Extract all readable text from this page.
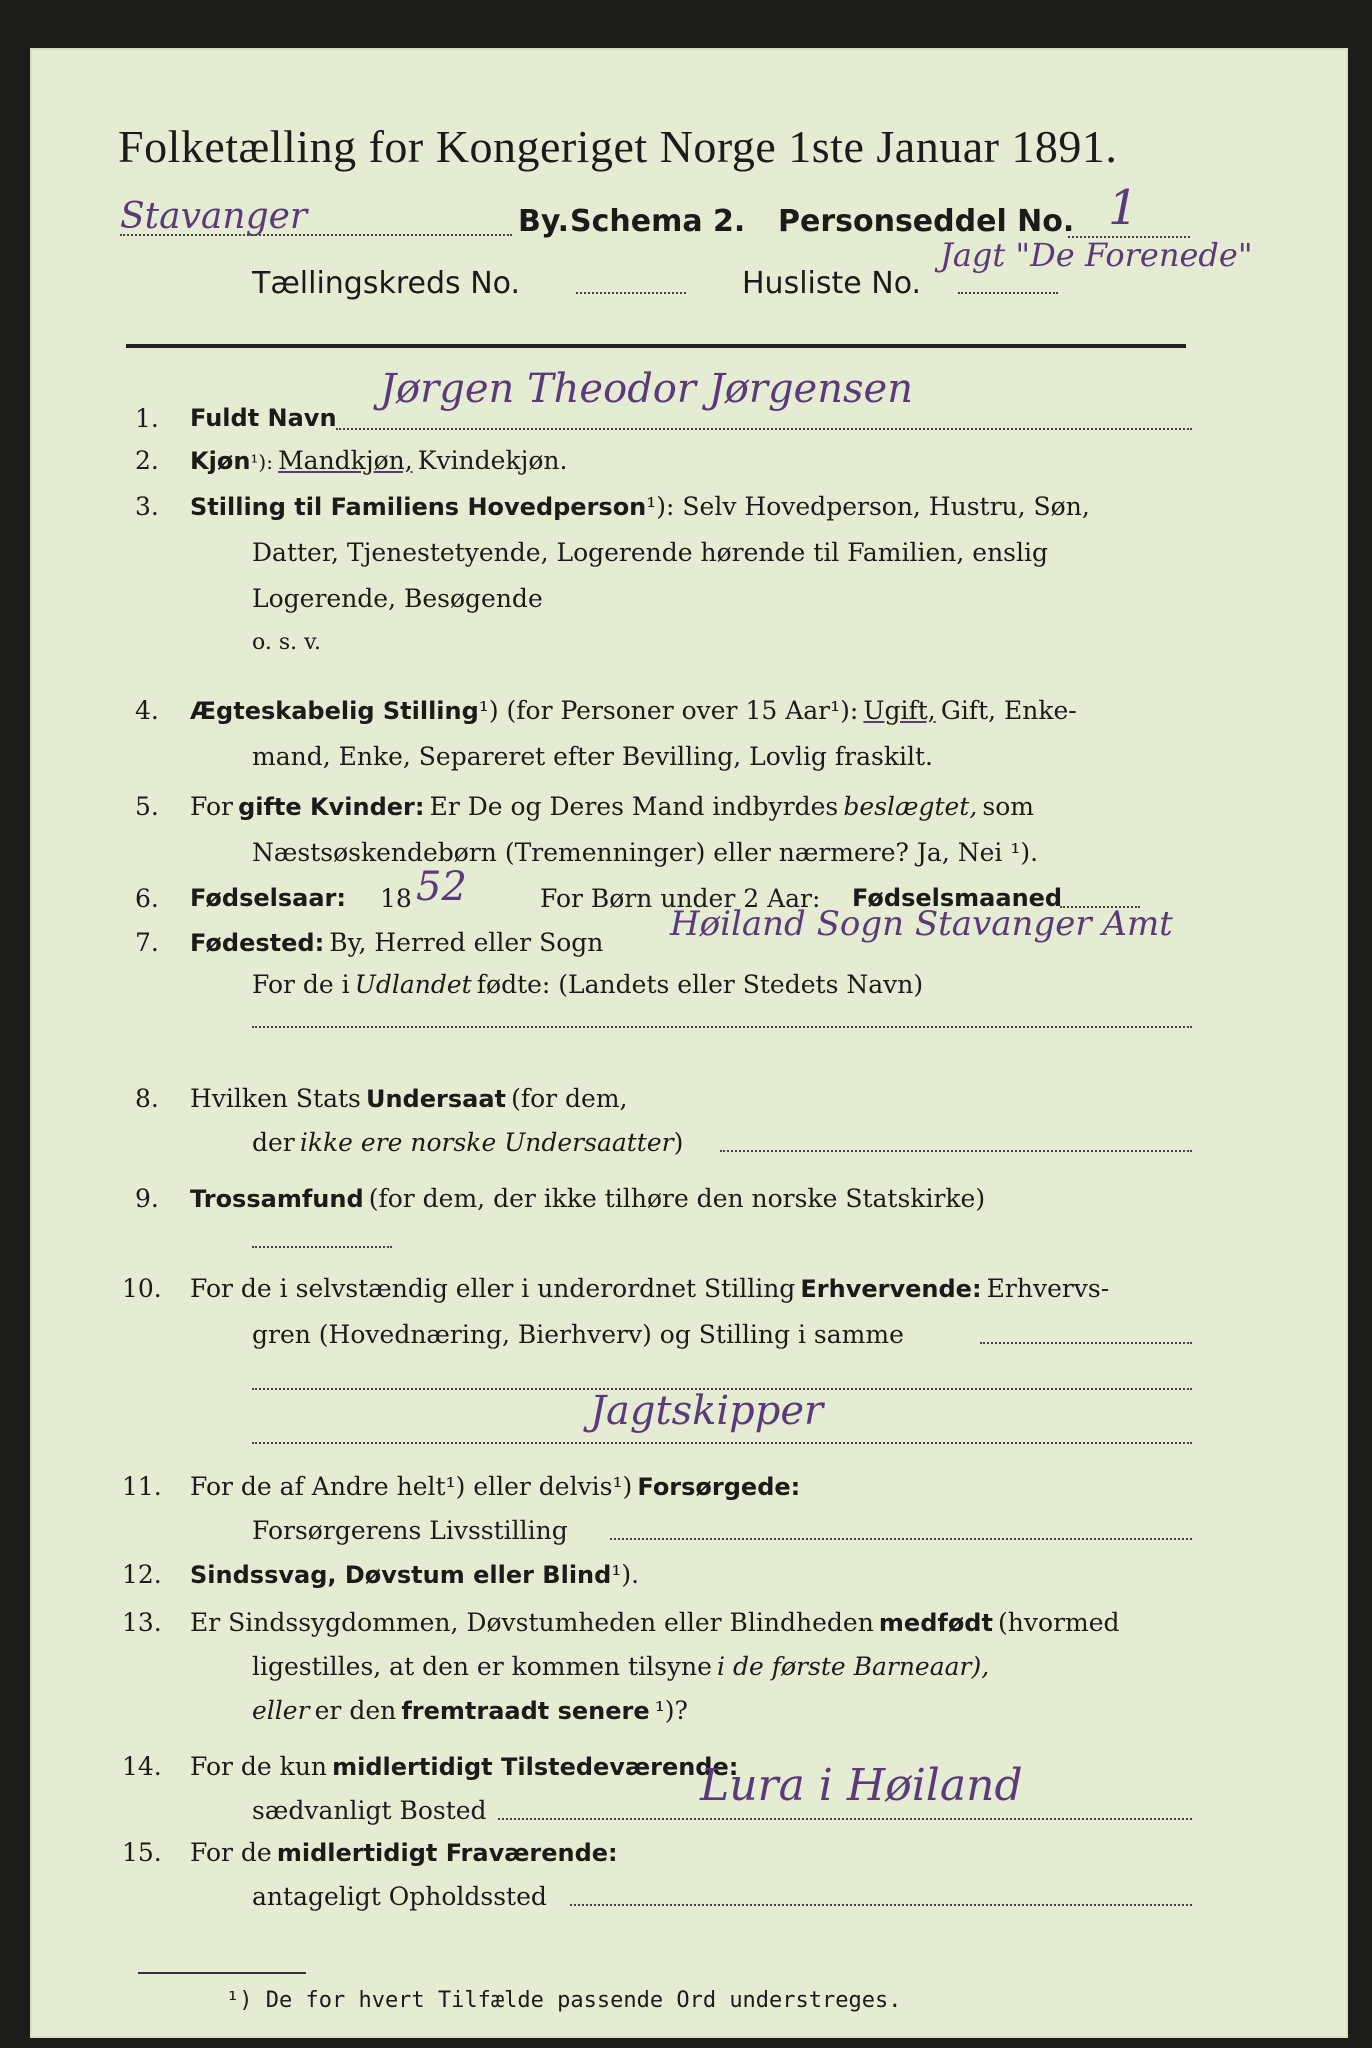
Folketælling for Kongeriget Norge 1ste Januar 1891.
Stavanger	By. Schema 2. Personseddel No. 1
Tællingskreds No.	Husliste No.
Jagt "De Forenede"
1. Fuldt Navn
Jørgen Theodor Jørgensen
2. Kjøn¹): Mandkjøn, Kvindekjøn.
3. Stilling til Familiens Hovedperson¹): Selv Hovedperson, Hustru, Søn,
Datter, Tjenestetyende, Logerende hørende til Familien, enslig
Logerende, Besøgende
o. s. v.
4. Ægteskabelig Stilling¹) (for Personer over 15 Aar¹): Ugift, Gift, Enke-
mand, Enke, Separeret efter Bevilling, Lovlig fraskilt.
5. For gifte Kvinder: Er De og Deres Mand indbyrdes beslægtet, som
Næstsøskendebørn (Tremenninger) eller nærmere? Ja, Nei ¹).
6. Fødselsaar: 18 52	For Børn under 2 Aar: Fødselsmaaned
7. Fødested: By, Herred eller Sogn Høiland Sogn Stavanger Amt
For de i Udlandet fødte: (Landets eller Stedets Navn)
8. Hvilken Stats Undersaat (for dem,
der ikke ere norske Undersaatter)
9. Trossamfund (for dem, der ikke tilhøre den norske Statskirke)
10. For de i selvstændig eller i underordnet Stilling Erhvervende: Erhvervs-
gren (Hovednæring, Bierhverv) og Stilling i samme
Jagtskipper
11. For de af Andre helt¹) eller delvis¹) Forsørgede:
Forsørgerens Livsstilling
12. Sindssvag, Døvstum eller Blind¹).
13. Er Sindssygdommen, Døvstumheden eller Blindheden medfødt (hvormed
ligestilles, at den er kommen tilsyne i de første Barneaar),
eller er den fremtraadt senere ¹)?
14. For de kun midlertidigt Tilstedeværende:
sædvanligt Bosted	Lura i Høiland
15. For de midlertidigt Fraværende:
antageligt Opholdssted
¹) De for hvert Tilfælde passende Ord understreges.
